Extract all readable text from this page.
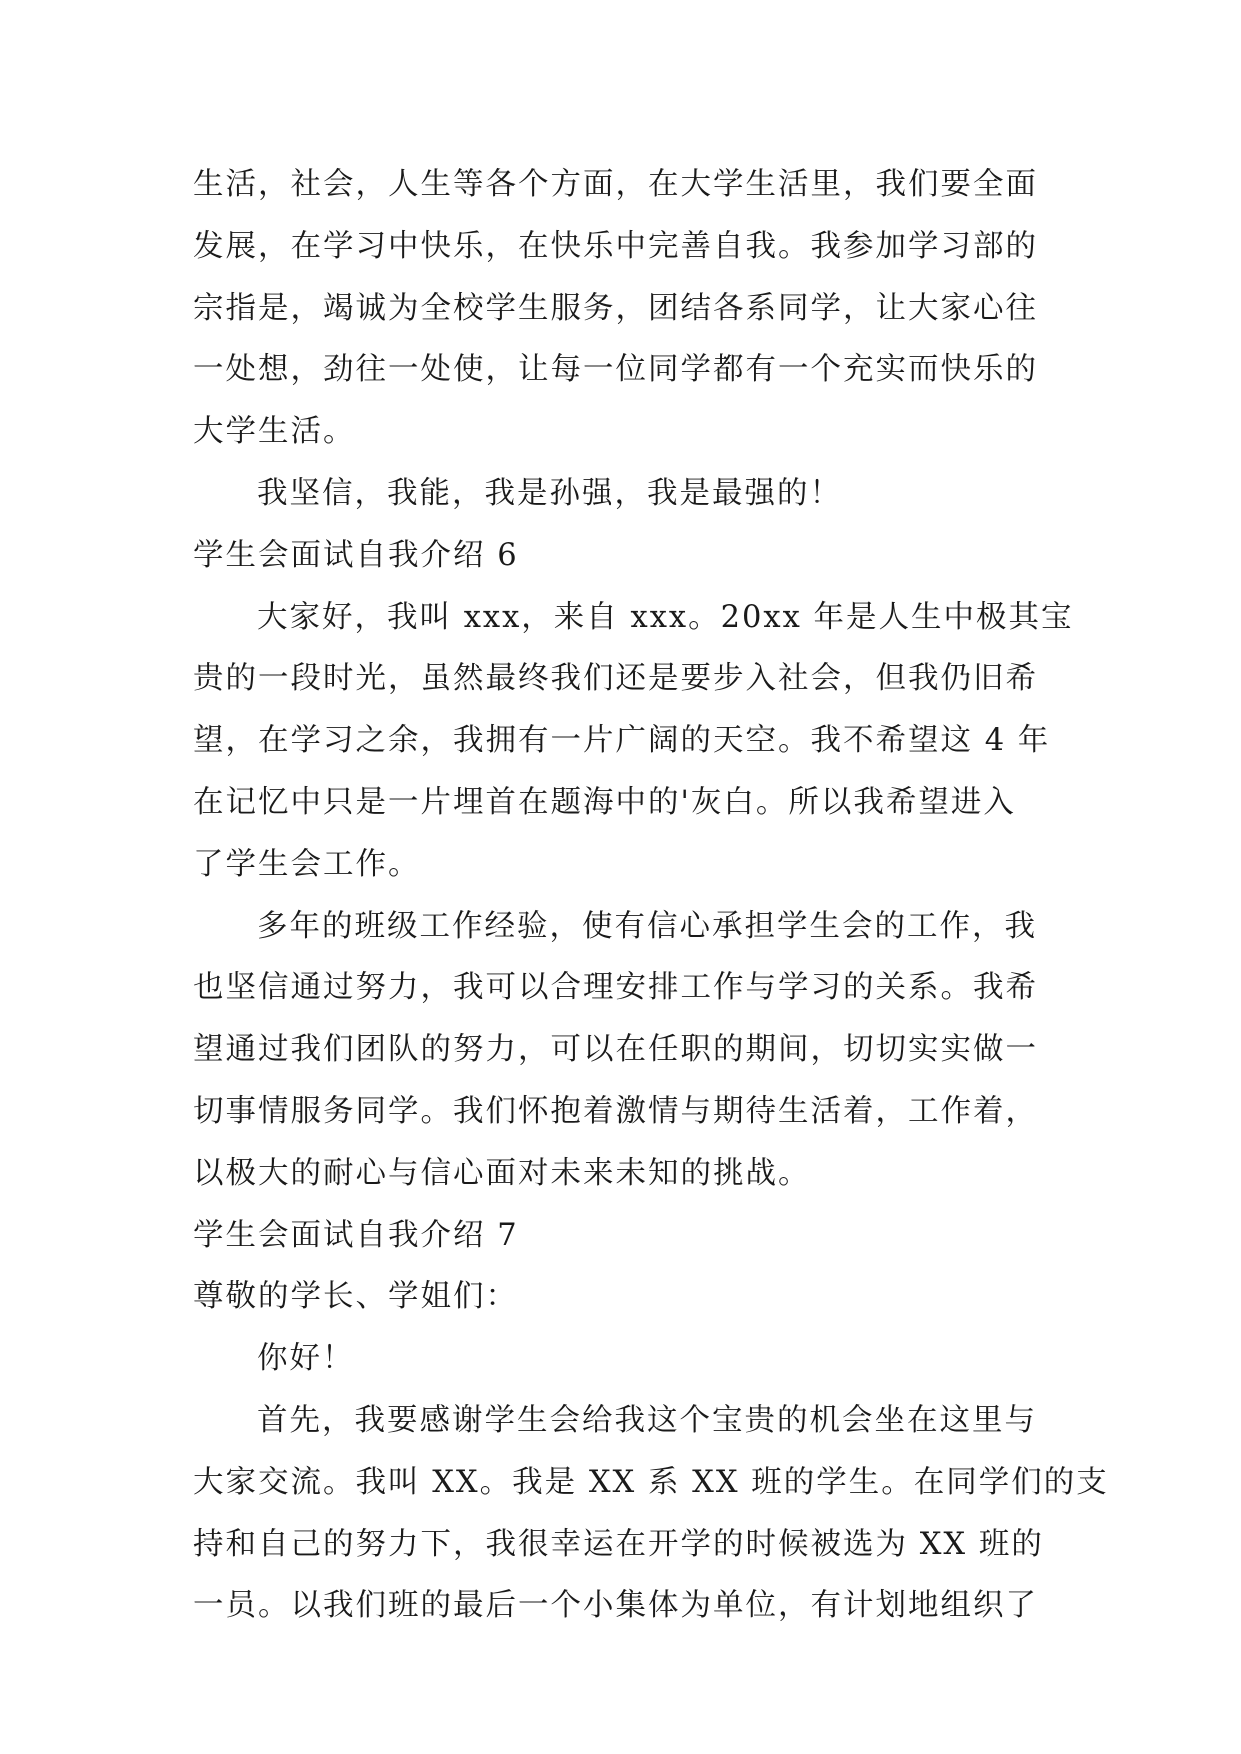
生活，社会，人生等各个方面，在大学生活里，我们要全面
发展，在学习中快乐，在快乐中完善自我。我参加学习部的
宗指是，竭诚为全校学生服务，团结各系同学，让大家心往
一处想，劲往一处使，让每一位同学都有一个充实而快乐的
大学生活。
我坚信，我能，我是孙强，我是最强的！
学生会面试自我介绍 6
大家好，我叫 xxx，来自 xxx。20xx 年是人生中极其宝
贵的一段时光，虽然最终我们还是要步入社会，但我仍旧希
望，在学习之余，我拥有一片广阔的天空。我不希望这 4 年
在记忆中只是一片埋首在题海中的'灰白。所以我希望进入
了学生会工作。
多年的班级工作经验，使有信心承担学生会的工作，我
也坚信通过努力，我可以合理安排工作与学习的关系。我希
望通过我们团队的努力，可以在任职的期间，切切实实做一
切事情服务同学。我们怀抱着激情与期待生活着，工作着，
以极大的耐心与信心面对未来未知的挑战。
学生会面试自我介绍 7
尊敬的学长、学姐们：
你好！
首先，我要感谢学生会给我这个宝贵的机会坐在这里与
大家交流。我叫 XX。我是 XX 系 XX 班的学生。在同学们的支
持和自己的努力下，我很幸运在开学的时候被选为 XX 班的
一员。以我们班的最后一个小集体为单位，有计划地组织了
